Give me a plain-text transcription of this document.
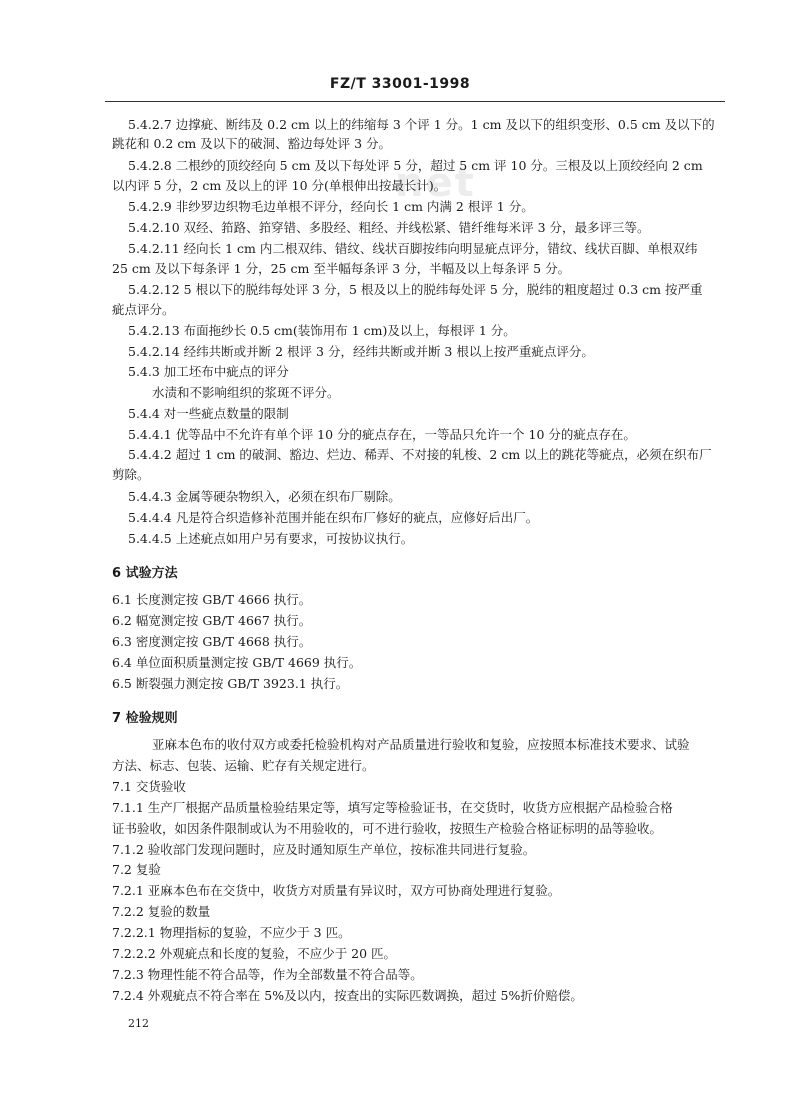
FZ/T 33001-1998
net
5.4.2.7 边撑疵、断纬及 0.2 cm 以上的纬缩每 3 个评 1 分。1 cm 及以下的组织变形、0.5 cm 及以下的
跳花和 0.2 cm 及以下的破洞、豁边每处评 3 分。
5.4.2.8 二根纱的顶绞经向 5 cm 及以下每处评 5 分，超过 5 cm 评 10 分。三根及以上顶绞经向 2 cm
以内评 5 分，2 cm 及以上的评 10 分(单根伸出按最长计)。
5.4.2.9 非纱罗边织物毛边单根不评分，经向长 1 cm 内满 2 根评 1 分。
5.4.2.10 双经、筘路、筘穿错、多股经、粗经、并线松紧、错纤维每米评 3 分，最多评三等。
5.4.2.11 经向长 1 cm 内二根双纬、错纹、线状百脚按纬向明显疵点评分，错纹、线状百脚、单根双纬
25 cm 及以下每条评 1 分，25 cm 至半幅每条评 3 分，半幅及以上每条评 5 分。
5.4.2.12 5 根以下的脱纬每处评 3 分，5 根及以上的脱纬每处评 5 分，脱纬的粗度超过 0.3 cm 按严重
疵点评分。
5.4.2.13 布面拖纱长 0.5 cm(装饰用布 1 cm)及以上，每根评 1 分。
5.4.2.14 经纬共断或并断 2 根评 3 分，经纬共断或并断 3 根以上按严重疵点评分。
5.4.3 加工坯布中疵点的评分
水渍和不影响组织的浆斑不评分。
5.4.4 对一些疵点数量的限制
5.4.4.1 优等品中不允许有单个评 10 分的疵点存在，一等品只允许一个 10 分的疵点存在。
5.4.4.2 超过 1 cm 的破洞、豁边、烂边、稀弄、不对接的轧梭、2 cm 以上的跳花等疵点，必须在织布厂
剪除。
5.4.4.3 金属等硬杂物织入，必须在织布厂剔除。
5.4.4.4 凡是符合织造修补范围并能在织布厂修好的疵点，应修好后出厂。
5.4.4.5 上述疵点如用户另有要求，可按协议执行。
6 试验方法
6.1 长度测定按 GB/T 4666 执行。
6.2 幅宽测定按 GB/T 4667 执行。
6.3 密度测定按 GB/T 4668 执行。
6.4 单位面积质量测定按 GB/T 4669 执行。
6.5 断裂强力测定按 GB/T 3923.1 执行。
7 检验规则
亚麻本色布的收付双方或委托检验机构对产品质量进行验收和复验，应按照本标准技术要求、试验
方法、标志、包装、运输、贮存有关规定进行。
7.1 交货验收
7.1.1 生产厂根据产品质量检验结果定等，填写定等检验证书，在交货时，收货方应根据产品检验合格
证书验收，如因条件限制或认为不用验收的，可不进行验收，按照生产检验合格证标明的品等验收。
7.1.2 验收部门发现问题时，应及时通知原生产单位，按标准共同进行复验。
7.2 复验
7.2.1 亚麻本色布在交货中，收货方对质量有异议时，双方可协商处理进行复验。
7.2.2 复验的数量
7.2.2.1 物理指标的复验，不应少于 3 匹。
7.2.2.2 外观疵点和长度的复验，不应少于 20 匹。
7.2.3 物理性能不符合品等，作为全部数量不符合品等。
7.2.4 外观疵点不符合率在 5%及以内，按查出的实际匹数调换，超过 5%折价赔偿。
212
